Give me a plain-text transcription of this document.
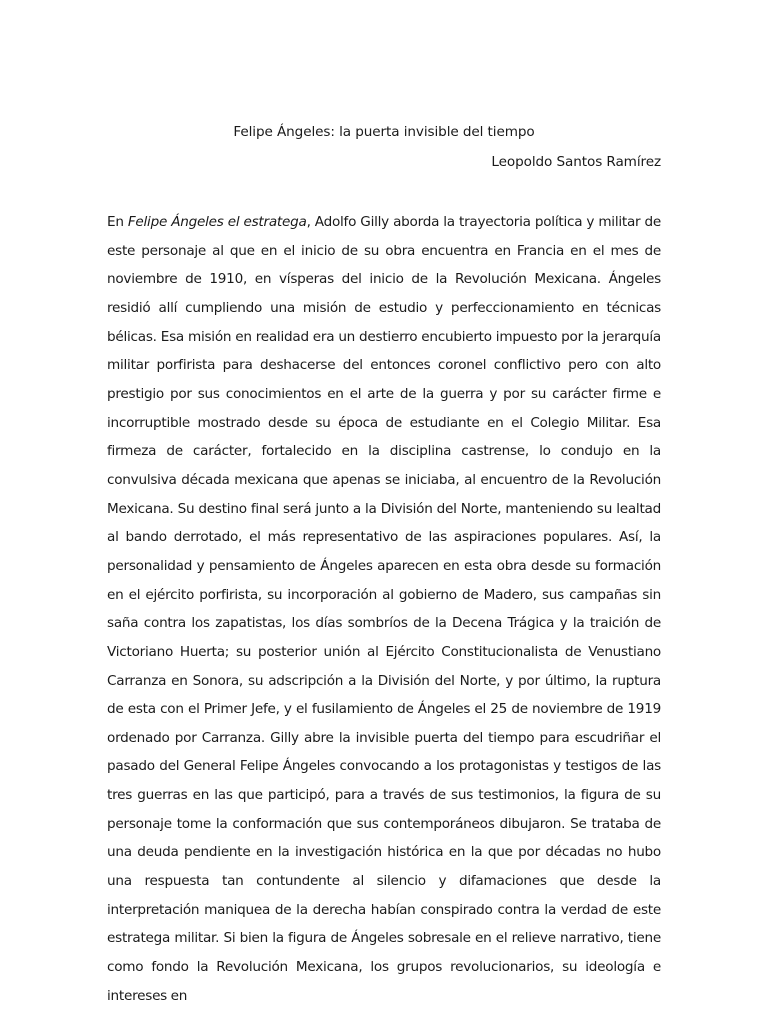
Felipe Ángeles: la puerta invisible del tiempo

Leopoldo Santos Ramírez

En Felipe Ángeles el estratega, Adolfo Gilly aborda la trayectoria política y militar de este personaje al que en el inicio de su obra encuentra en Francia en el mes de noviembre de 1910, en vísperas del inicio de la Revolución Mexicana. Ángeles residió allí cumpliendo una misión de estudio y perfeccionamiento en técnicas bélicas. Esa misión en realidad era un destierro encubierto impuesto por la jerarquía militar porfirista para deshacerse del entonces coronel conflictivo pero con alto prestigio por sus conocimientos en el arte de la guerra y por su carácter firme e incorruptible mostrado desde su época de estudiante en el Colegio Militar. Esa firmeza de carácter, fortalecido en la disciplina castrense, lo condujo en la convulsiva década mexicana que apenas se iniciaba, al encuentro de la Revolución Mexicana. Su destino final será junto a la División del Norte, manteniendo su lealtad al bando derrotado, el más representativo de las aspiraciones populares. Así, la personalidad y pensamiento de Ángeles aparecen en esta obra desde su formación en el ejército porfirista, su incorporación al gobierno de Madero, sus campañas sin saña contra los zapatistas, los días sombríos de la Decena Trágica y la traición de Victoriano Huerta; su posterior unión al Ejército Constitucionalista de Venustiano Carranza en Sonora, su adscripción a la División del Norte, y por último, la ruptura de esta con el Primer Jefe, y el fusilamiento de Ángeles el 25 de noviembre de 1919 ordenado por Carranza. Gilly abre la invisible puerta del tiempo para escudriñar el pasado del General Felipe Ángeles convocando a los protagonistas y testigos de las tres guerras en las que participó, para a través de sus testimonios, la figura de su personaje tome la conformación que sus contemporáneos dibujaron. Se trataba de una deuda pendiente en la investigación histórica en la que por décadas no hubo una respuesta tan contundente al silencio y difamaciones que desde la interpretación maniquea de la derecha habían conspirado contra la verdad de este estratega militar. Si bien la figura de Ángeles sobresale en el relieve narrativo, tiene como fondo la Revolución Mexicana, los grupos revolucionarios, su ideología e intereses en
